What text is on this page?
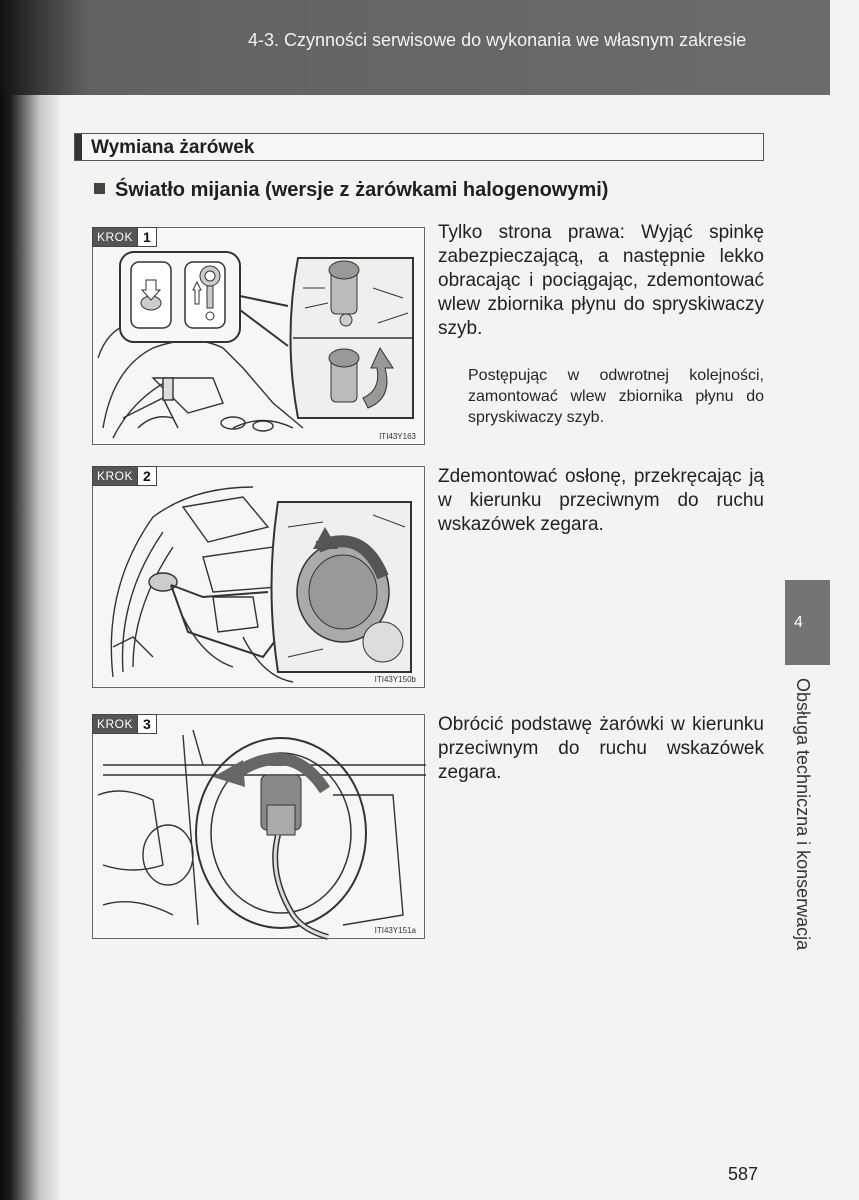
4-3. Czynności serwisowe do wykonania we własnym zakresie
Wymiana żarówek
Światło mijania (wersje z żarówkami halogenowymi)
KROK 1
ITI43Y163
Tylko strona prawa: Wyjąć spinkę zabezpieczającą, a następnie lekko obracając i pociągając, zdemontować wlew zbiornika płynu do spryskiwaczy szyb.
Postępując w odwrotnej kolejności, zamontować wlew zbiornika płynu do spryskiwaczy szyb.
KROK 2
ITI43Y150b
Zdemontować osłonę, przekręcając ją w kierunku przeciwnym do ruchu wskazówek zegara.
KROK 3
ITI43Y151a
Obrócić podstawę żarówki w kierunku przeciwnym do ruchu wskazówek zegara.
4
Obsługa techniczna i konserwacja
587
